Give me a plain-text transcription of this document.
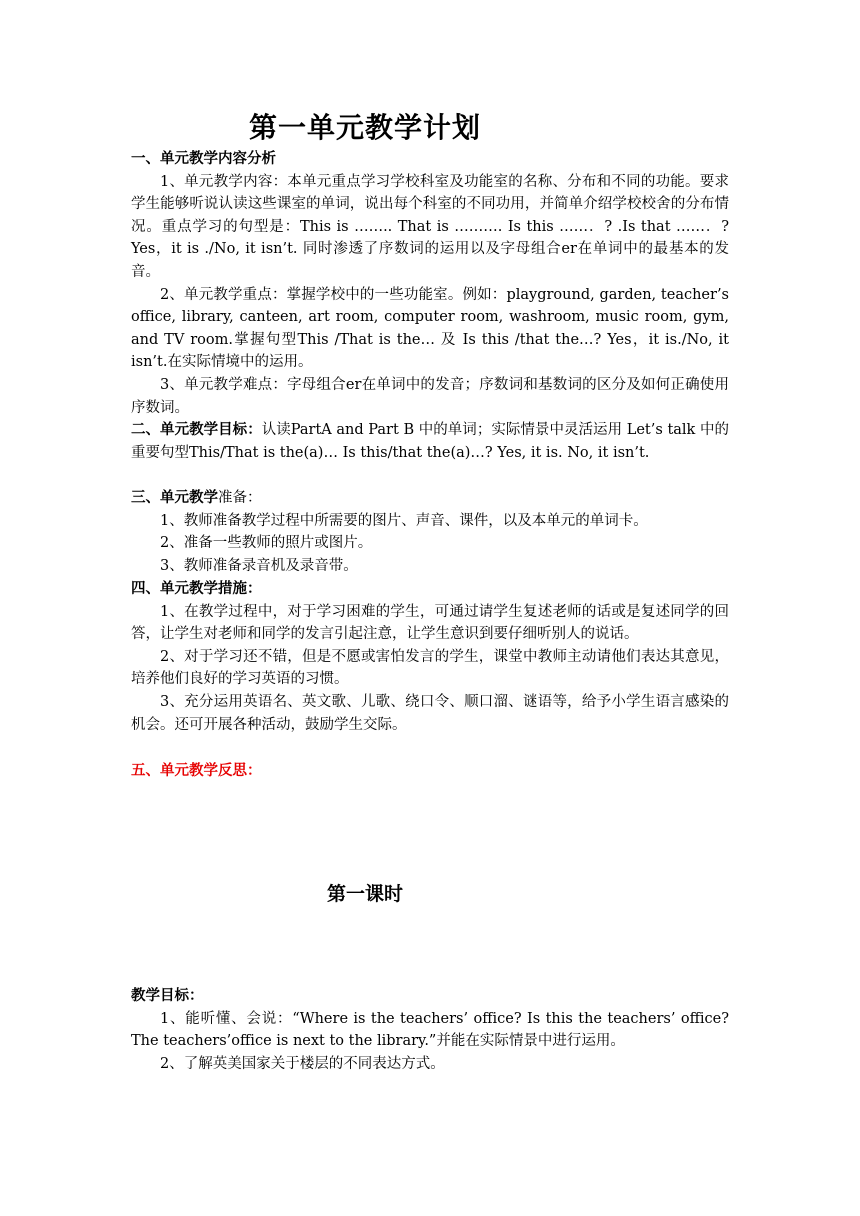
第一单元教学计划
一、单元教学内容分析

1、单元教学内容：本单元重点学习学校科室及功能室的名称、分布和不同的功能。要求学生能够听说认读这些课室的单词，说出每个科室的不同功用，并简单介绍学校校舍的分布情况。重点学习的句型是：This is …….. That is ………. Is this ……．? .Is that ……．? Yes，it is ./No, it isn’t. 同时渗透了序数词的运用以及字母组合er在单词中的最基本的发音。

2、单元教学重点：掌握学校中的一些功能室。例如：playground, garden, teacher’s office, library, canteen, art room, computer room, washroom, music room, gym, and TV room.掌握句型This /That is the… 及 Is this /that the…? Yes，it is./No, it isn’t.在实际情境中的运用。

3、单元教学难点：字母组合er在单词中的发音；序数词和基数词的区分及如何正确使用序数词。

二、单元教学目标：认读PartA and Part B 中的单词；实际情景中灵活运用 Let’s talk 中的重要句型This/That is the(a)… Is this/that the(a)…? Yes, it is. No, it isn’t.

三、单元教学准备：

1、教师准备教学过程中所需要的图片、声音、课件，以及本单元的单词卡。

2、准备一些教师的照片或图片。

3、教师准备录音机及录音带。

四、单元教学措施：

1、在教学过程中，对于学习困难的学生，可通过请学生复述老师的话或是复述同学的回答，让学生对老师和同学的发言引起注意，让学生意识到要仔细听别人的说话。

2、对于学习还不错，但是不愿或害怕发言的学生，课堂中教师主动请他们表达其意见，培养他们良好的学习英语的习惯。

3、充分运用英语名、英文歌、儿歌、绕口令、顺口溜、谜语等，给予小学生语言感染的机会。还可开展各种活动，鼓励学生交际。

五、单元教学反思：
教学目标：

1、能听懂、会说：“Where is the teachers’ office? Is this the teachers’ office? The teachers’office is next to the library.”并能在实际情景中进行运用。

2、了解英美国家关于楼层的不同表达方式。

第一课时
